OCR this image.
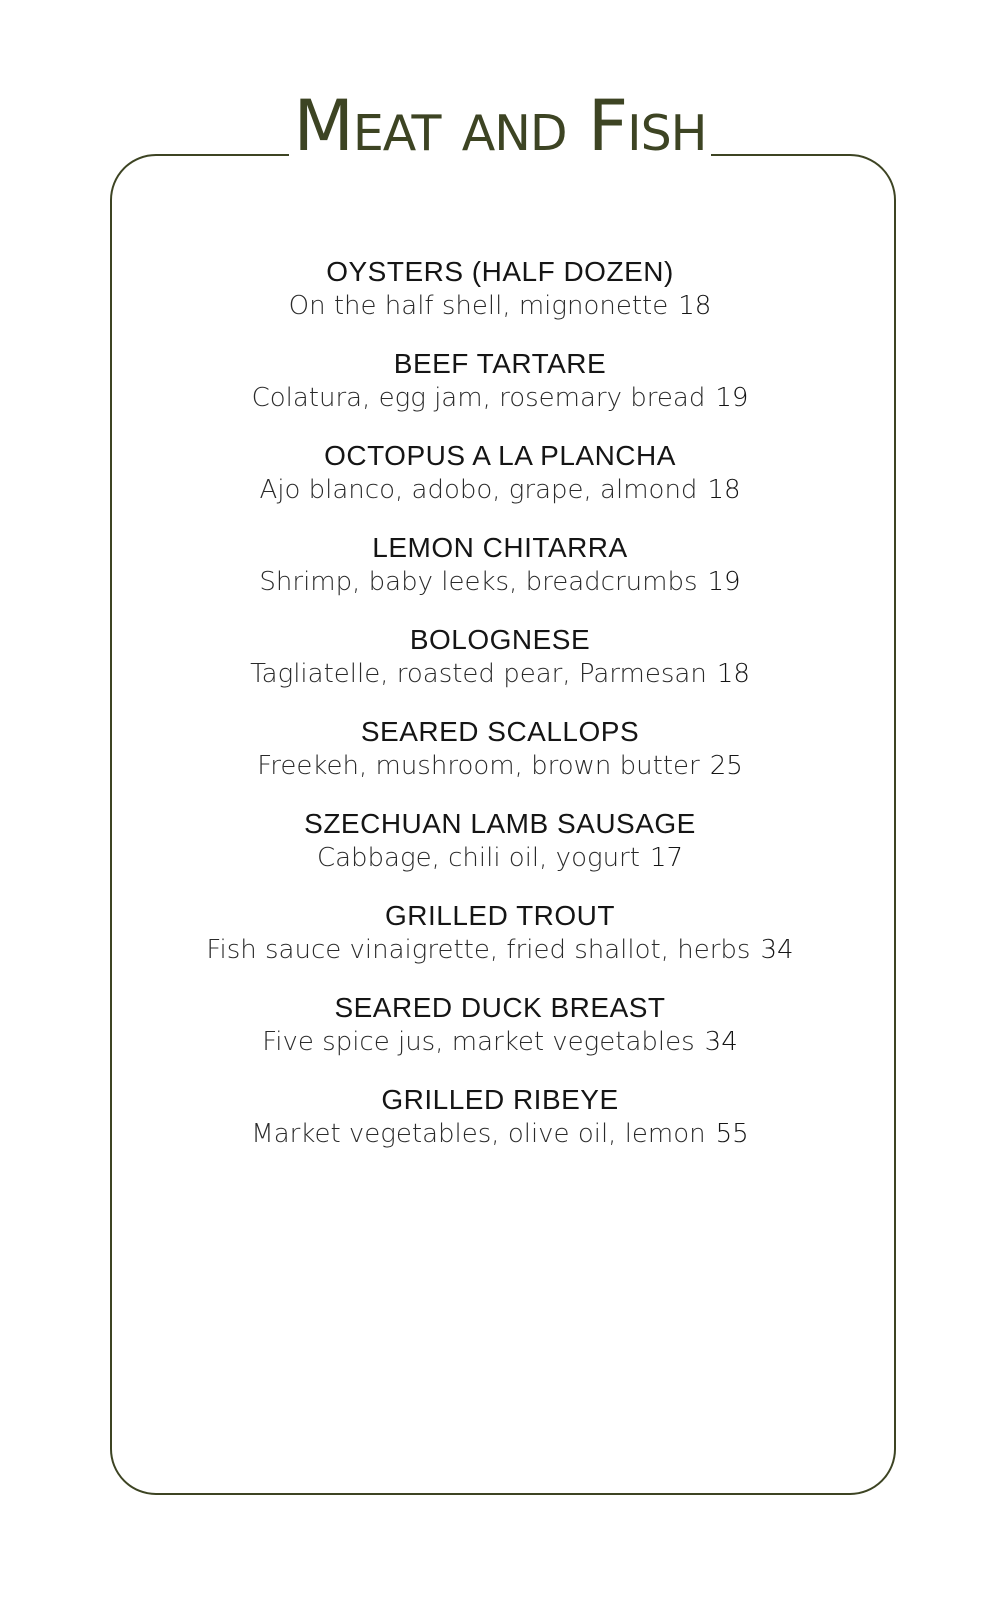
Meat and Fish
OYSTERS (HALF DOZEN)
On the half shell, mignonette 18
BEEF TARTARE
Colatura, egg jam, rosemary bread 19
OCTOPUS A LA PLANCHA
Ajo blanco, adobo, grape, almond 18
LEMON CHITARRA
Shrimp, baby leeks, breadcrumbs 19
BOLOGNESE
Tagliatelle, roasted pear, Parmesan 18
SEARED SCALLOPS
Freekeh, mushroom, brown butter 25
SZECHUAN LAMB SAUSAGE
Cabbage, chili oil, yogurt 17
GRILLED TROUT
Fish sauce vinaigrette, fried shallot, herbs 34
SEARED DUCK BREAST
Five spice jus, market vegetables 34
GRILLED RIBEYE
Market vegetables, olive oil, lemon 55
